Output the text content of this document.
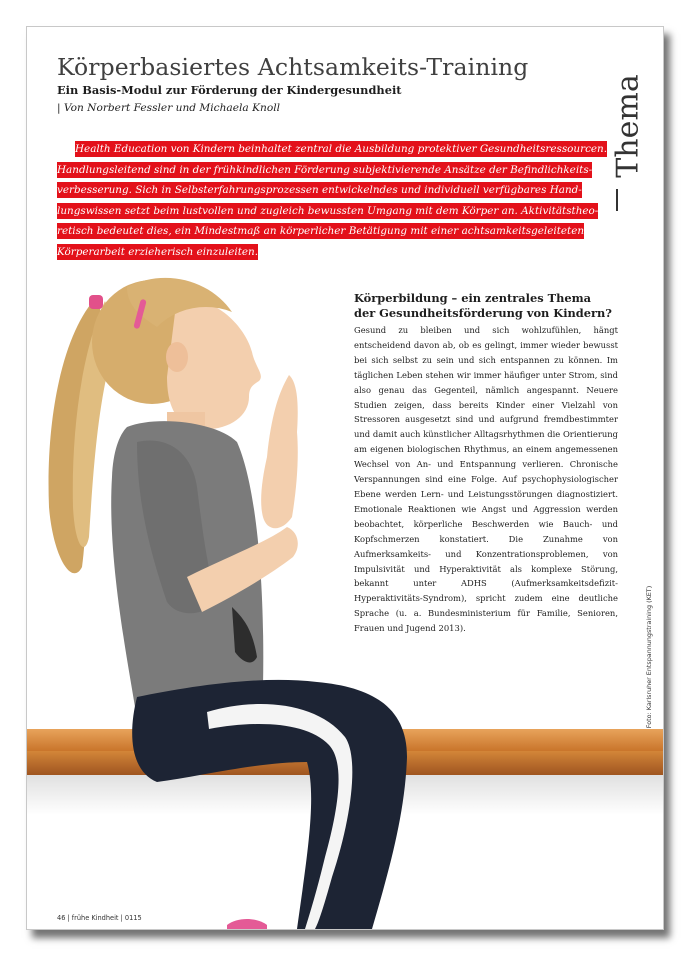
Körperbasiertes Achtsamkeits-Training
Ein Basis-Modul zur Förderung der Kindergesundheit
| Von Norbert Fessler und Michaela Knoll	Thema
Health Education von Kindern beinhaltet zentral die Ausbildung protektiver Gesundheitsressourcen.
Handlungsleitend sind in der frühkindlichen Förderung subjektivierende Ansätze der Befindlichkeits-
verbesserung. Sich in Selbsterfahrungsprozessen entwickelndes und individuell verfügbares Hand-
lungswissen setzt beim lustvollen und zugleich bewussten Umgang mit dem Körper an. Aktivitätstheo-
retisch bedeutet dies, ein Mindestmaß an körperlicher Betätigung mit einer achtsamkeitsgeleiteten
Körperarbeit erzieherisch einzuleiten.
Körperbildung – ein zentrales Thema
der Gesundheitsförderung von Kindern?

Gesund zu bleiben und sich wohlzufühlen, hängt entscheidend davon ab, ob es gelingt, immer wieder bewusst bei sich selbst zu sein und sich entspannen zu können. Im täglichen Leben stehen wir immer häufiger unter Strom, sind also genau das Gegenteil, nämlich angespannt. Neuere Studien zeigen, dass bereits Kinder einer Vielzahl von Stressoren ausgesetzt sind und aufgrund fremdbestimmter und damit auch künstlicher Alltagsrhythmen die Orientierung am eigenen biologischen Rhythmus, an einem angemessenen Wechsel von An- und Entspannung verlieren. Chronische Verspannungen sind eine Folge. Auf psychophysiologischer Ebene werden Lern- und Leistungsstörungen diagnostiziert. Emotionale Reaktionen wie Angst und Aggression werden beobachtet, körperliche Beschwerden wie Bauch- und Kopfschmerzen konstatiert. Die Zunahme von Aufmerksamkeits- und Konzentrationsproblemen, von Impulsivität und Hyperaktivität als komplexe Störung, bekannt unter ADHS (Aufmerksamkeitsdefizit-Hyperaktivitäts-Syndrom), spricht zudem eine deutliche Sprache (u. a. Bundesministerium für Familie, Senioren, Frauen und Jugend 2013).	Foto: Karlsruher Entspannungstraining (KET)
46 | frühe Kindheit | 0115
